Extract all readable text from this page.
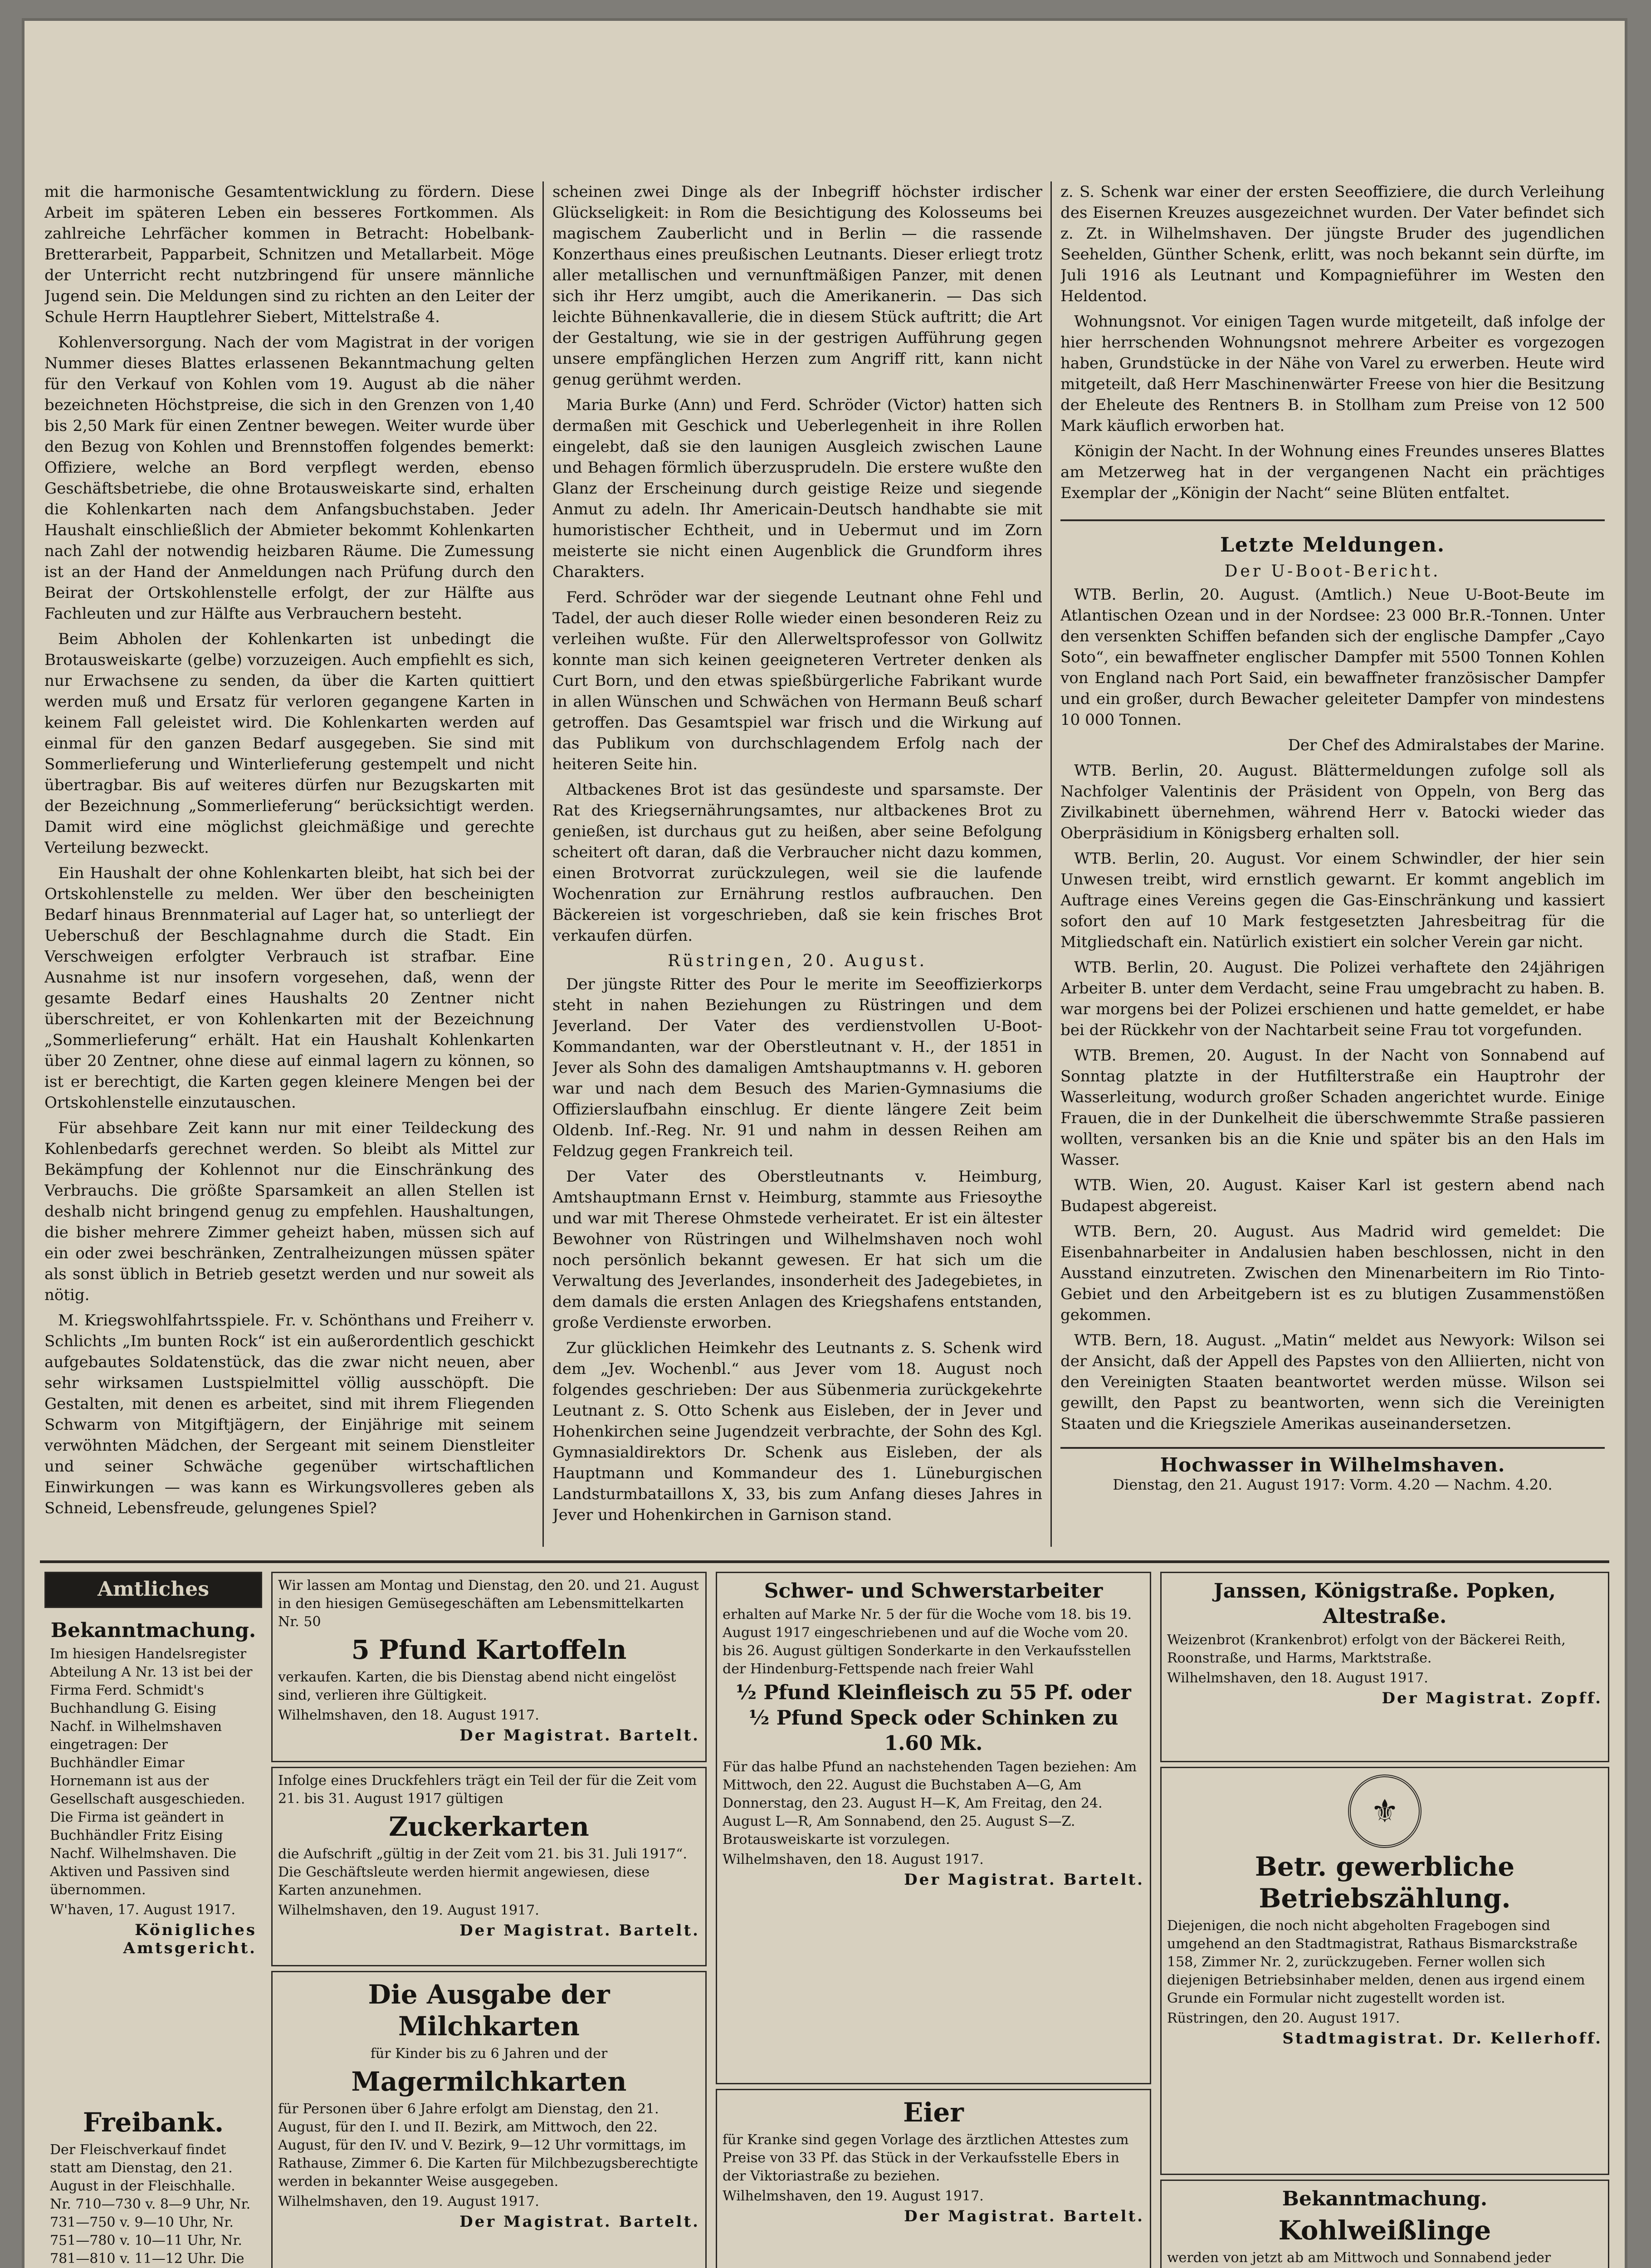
mit die harmonische Gesamtentwicklung zu fördern. Diese Arbeit im späteren Leben ein besseres Fortkommen. Als zahlreiche Lehrfächer kommen in Betracht: Hobelbank-Bretterarbeit, Papparbeit, Schnitzen und Metallarbeit. Möge der Unterricht recht nutzbringend für unsere männliche Jugend sein. Die Meldungen sind zu richten an den Leiter der Schule Herrn Hauptlehrer Siebert, Mittelstraße 4.

Kohlenversorgung. Nach der vom Magistrat in der vorigen Nummer dieses Blattes erlassenen Bekanntmachung gelten für den Verkauf von Kohlen vom 19. August ab die näher bezeichneten Höchstpreise, die sich in den Grenzen von 1,40 bis 2,50 Mark für einen Zentner bewegen. Weiter wurde über den Bezug von Kohlen und Brennstoffen folgendes bemerkt: Offiziere, welche an Bord verpflegt werden, ebenso Geschäftsbetriebe, die ohne Brotausweiskarte sind, erhalten die Kohlenkarten nach dem Anfangsbuchstaben. Jeder Haushalt einschließlich der Abmieter bekommt Kohlenkarten nach Zahl der notwendig heizbaren Räume. Die Zumessung ist an der Hand der Anmeldungen nach Prüfung durch den Beirat der Ortskohlenstelle erfolgt, der zur Hälfte aus Fachleuten und zur Hälfte aus Verbrauchern besteht.

Beim Abholen der Kohlenkarten ist unbedingt die Brotausweiskarte (gelbe) vorzuzeigen. Auch empfiehlt es sich, nur Erwachsene zu senden, da über die Karten quittiert werden muß und Ersatz für verloren gegangene Karten in keinem Fall geleistet wird. Die Kohlenkarten werden auf einmal für den ganzen Bedarf ausgegeben. Sie sind mit Sommerlieferung und Winterlieferung gestempelt und nicht übertragbar. Bis auf weiteres dürfen nur Bezugskarten mit der Bezeichnung „Sommerlieferung“ berücksichtigt werden. Damit wird eine möglichst gleichmäßige und gerechte Verteilung bezweckt.

Ein Haushalt der ohne Kohlenkarten bleibt, hat sich bei der Ortskohlenstelle zu melden. Wer über den bescheinigten Bedarf hinaus Brennmaterial auf Lager hat, so unterliegt der Ueberschuß der Beschlagnahme durch die Stadt. Ein Verschweigen erfolgter Verbrauch ist strafbar. Eine Ausnahme ist nur insofern vorgesehen, daß, wenn der gesamte Bedarf eines Haushalts 20 Zentner nicht überschreitet, er von Kohlenkarten mit der Bezeichnung „Sommerlieferung“ erhält. Hat ein Haushalt Kohlenkarten über 20 Zentner, ohne diese auf einmal lagern zu können, so ist er berechtigt, die Karten gegen kleinere Mengen bei der Ortskohlenstelle einzutauschen.

Für absehbare Zeit kann nur mit einer Teildeckung des Kohlenbedarfs gerechnet werden. So bleibt als Mittel zur Bekämpfung der Kohlennot nur die Einschränkung des Verbrauchs. Die größte Sparsamkeit an allen Stellen ist deshalb nicht bringend genug zu empfehlen. Haushaltungen, die bisher mehrere Zimmer geheizt haben, müssen sich auf ein oder zwei beschränken, Zentralheizungen müssen später als sonst üblich in Betrieb gesetzt werden und nur soweit als nötig.

M. Kriegswohlfahrtsspiele. Fr. v. Schönthans und Freiherr v. Schlichts „Im bunten Rock“ ist ein außerordentlich geschickt aufgebautes Soldatenstück, das die zwar nicht neuen, aber sehr wirksamen Lustspielmittel völlig ausschöpft. Die Gestalten, mit denen es arbeitet, sind mit ihrem Fliegenden Schwarm von Mitgiftjägern, der Einjährige mit seinem verwöhnten Mädchen, der Sergeant mit seinem Dienstleiter und seiner Schwäche gegenüber wirtschaftlichen Einwirkungen — was kann es Wirkungsvolleres geben als Schneid, Lebensfreude, gelungenes Spiel?

scheinen zwei Dinge als der Inbegriff höchster irdischer Glückseligkeit: in Rom die Besichtigung des Kolosseums bei magischem Zauberlicht und in Berlin — die rassende Konzerthaus eines preußischen Leutnants. Dieser erliegt trotz aller metallischen und vernunftmäßigen Panzer, mit denen sich ihr Herz umgibt, auch die Amerikanerin. — Das sich leichte Bühnenkavallerie, die in diesem Stück auftritt; die Art der Gestaltung, wie sie in der gestrigen Aufführung gegen unsere empfänglichen Herzen zum Angriff ritt, kann nicht genug gerühmt werden.

Maria Burke (Ann) und Ferd. Schröder (Victor) hatten sich dermaßen mit Geschick und Ueberlegenheit in ihre Rollen eingelebt, daß sie den launigen Ausgleich zwischen Laune und Behagen förmlich überzusprudeln. Die erstere wußte den Glanz der Erscheinung durch geistige Reize und siegende Anmut zu adeln. Ihr Americain-Deutsch handhabte sie mit humoristischer Echtheit, und in Uebermut und im Zorn meisterte sie nicht einen Augenblick die Grundform ihres Charakters.

Ferd. Schröder war der siegende Leutnant ohne Fehl und Tadel, der auch dieser Rolle wieder einen besonderen Reiz zu verleihen wußte. Für den Allerweltsprofessor von Gollwitz konnte man sich keinen geeigneteren Vertreter denken als Curt Born, und den etwas spießbürgerliche Fabrikant wurde in allen Wünschen und Schwächen von Hermann Beuß scharf getroffen. Das Gesamtspiel war frisch und die Wirkung auf das Publikum von durchschlagendem Erfolg nach der heiteren Seite hin.

Altbackenes Brot ist das gesündeste und sparsamste. Der Rat des Kriegsernährungsamtes, nur altbackenes Brot zu genießen, ist durchaus gut zu heißen, aber seine Befolgung scheitert oft daran, daß die Verbraucher nicht dazu kommen, einen Brotvorrat zurückzulegen, weil sie die laufende Wochenration zur Ernährung restlos aufbrauchen. Den Bäckereien ist vorgeschrieben, daß sie kein frisches Brot verkaufen dürfen.

Rüstringen, 20. August.

Der jüngste Ritter des Pour le merite im Seeoffizierkorps steht in nahen Beziehungen zu Rüstringen und dem Jeverland. Der Vater des verdienstvollen U-Boot-Kommandanten, war der Oberstleutnant v. H., der 1851 in Jever als Sohn des damaligen Amtshauptmanns v. H. geboren war und nach dem Besuch des Marien-Gymnasiums die Offizierslaufbahn einschlug. Er diente längere Zeit beim Oldenb. Inf.-Reg. Nr. 91 und nahm in dessen Reihen am Feldzug gegen Frankreich teil.

Der Vater des Oberstleutnants v. Heimburg, Amtshauptmann Ernst v. Heimburg, stammte aus Friesoythe und war mit Therese Ohmstede verheiratet. Er ist ein ältester Bewohner von Rüstringen und Wilhelmshaven noch wohl noch persönlich bekannt gewesen. Er hat sich um die Verwaltung des Jeverlandes, insonderheit des Jadegebietes, in dem damals die ersten Anlagen des Kriegshafens entstanden, große Verdienste erworben.

Zur glücklichen Heimkehr des Leutnants z. S. Schenk wird dem „Jev. Wochenbl.“ aus Jever vom 18. August noch folgendes geschrieben: Der aus Sübenmeria zurückgekehrte Leutnant z. S. Otto Schenk aus Eisleben, der in Jever und Hohenkirchen seine Jugendzeit verbrachte, der Sohn des Kgl. Gymnasialdirektors Dr. Schenk aus Eisleben, der als Hauptmann und Kommandeur des 1. Lüneburgischen Landsturmbataillons X, 33, bis zum Anfang dieses Jahres in Jever und Hohenkirchen in Garnison stand.

z. S. Schenk war einer der ersten Seeoffiziere, die durch Verleihung des Eisernen Kreuzes ausgezeichnet wurden. Der Vater befindet sich z. Zt. in Wilhelmshaven. Der jüngste Bruder des jugendlichen Seehelden, Günther Schenk, erlitt, was noch bekannt sein dürfte, im Juli 1916 als Leutnant und Kompagnieführer im Westen den Heldentod.

Wohnungsnot. Vor einigen Tagen wurde mitgeteilt, daß infolge der hier herrschenden Wohnungsnot mehrere Arbeiter es vorgezogen haben, Grundstücke in der Nähe von Varel zu erwerben. Heute wird mitgeteilt, daß Herr Maschinenwärter Freese von hier die Besitzung der Eheleute des Rentners B. in Stollham zum Preise von 12 500 Mark käuflich erworben hat.

Königin der Nacht. In der Wohnung eines Freundes unseres Blattes am Metzerweg hat in der vergangenen Nacht ein prächtiges Exemplar der „Königin der Nacht“ seine Blüten entfaltet.

Letzte Meldungen.
Der U-Boot-Bericht.

WTB. Berlin, 20. August. (Amtlich.) Neue U-Boot-Beute im Atlantischen Ozean und in der Nordsee: 23 000 Br.R.-Tonnen. Unter den versenkten Schiffen befanden sich der englische Dampfer „Cayo Soto“, ein bewaffneter englischer Dampfer mit 5500 Tonnen Kohlen von England nach Port Said, ein bewaffneter französischer Dampfer und ein großer, durch Bewacher geleiteter Dampfer von mindestens 10 000 Tonnen.

Der Chef des Admiralstabes der Marine.

WTB. Berlin, 20. August. Blättermeldungen zufolge soll als Nachfolger Valentinis der Präsident von Oppeln, von Berg das Zivilkabinett übernehmen, während Herr v. Batocki wieder das Oberpräsidium in Königsberg erhalten soll.

WTB. Berlin, 20. August. Vor einem Schwindler, der hier sein Unwesen treibt, wird ernstlich gewarnt. Er kommt angeblich im Auftrage eines Vereins gegen die Gas-Einschränkung und kassiert sofort den auf 10 Mark festgesetzten Jahresbeitrag für die Mitgliedschaft ein. Natürlich existiert ein solcher Verein gar nicht.

WTB. Berlin, 20. August. Die Polizei verhaftete den 24jährigen Arbeiter B. unter dem Verdacht, seine Frau umgebracht zu haben. B. war morgens bei der Polizei erschienen und hatte gemeldet, er habe bei der Rückkehr von der Nachtarbeit seine Frau tot vorgefunden.

WTB. Bremen, 20. August. In der Nacht von Sonnabend auf Sonntag platzte in der Hutfilterstraße ein Hauptrohr der Wasserleitung, wodurch großer Schaden angerichtet wurde. Einige Frauen, die in der Dunkelheit die überschwemmte Straße passieren wollten, versanken bis an die Knie und später bis an den Hals im Wasser.

WTB. Wien, 20. August. Kaiser Karl ist gestern abend nach Budapest abgereist.

WTB. Bern, 20. August. Aus Madrid wird gemeldet: Die Eisenbahnarbeiter in Andalusien haben beschlossen, nicht in den Ausstand einzutreten. Zwischen den Minenarbeitern im Rio Tinto-Gebiet und den Arbeitgebern ist es zu blutigen Zusammenstößen gekommen.

WTB. Bern, 18. August. „Matin“ meldet aus Newyork: Wilson sei der Ansicht, daß der Appell des Papstes von den Alliierten, nicht von den Vereinigten Staaten beantwortet werden müsse. Wilson sei gewillt, den Papst zu beantworten, wenn sich die Vereinigten Staaten und die Kriegsziele Amerikas auseinandersetzen.

Hochwasser in Wilhelmshaven.
Dienstag, den 21. August 1917: Vorm. 4.20 — Nachm. 4.20.
Amtliches
Bekanntmachung.
Im hiesigen Handelsregister Abteilung A Nr. 13 ist bei der Firma Ferd. Schmidt's Buchhandlung G. Eising Nachf. in Wilhelmshaven eingetragen: Der Buchhändler Eimar Hornemann ist aus der Gesellschaft ausgeschieden. Die Firma ist geändert in Buchhändler Fritz Eising Nachf. Wilhelmshaven. Die Aktiven und Passiven sind übernommen.
W'haven, 17. August 1917.
Königliches Amtsgericht.
Freibank.
Der Fleischverkauf findet statt am Dienstag, den 21. August in der Fleischhalle. Nr. 710—730 v. 8—9 Uhr, Nr. 731—750 v. 9—10 Uhr, Nr. 751—780 v. 10—11 Uhr, Nr. 781—810 v. 11—12 Uhr. Die
Wir lassen am Montag und Dienstag, den 20. und 21. August in den hiesigen Gemüsegeschäften am Lebensmittelkarten Nr. 50
5 Pfund Kartoffeln
verkaufen. Karten, die bis Dienstag abend nicht eingelöst sind, verlieren ihre Gültigkeit.
Wilhelmshaven, den 18. August 1917.
Der Magistrat. Bartelt.
Infolge eines Druckfehlers trägt ein Teil der für die Zeit vom 21. bis 31. August 1917 gültigen
Zuckerkarten
die Aufschrift „gültig in der Zeit vom 21. bis 31. Juli 1917“. Die Geschäftsleute werden hiermit angewiesen, diese Karten anzunehmen.
Wilhelmshaven, den 19. August 1917.
Der Magistrat. Bartelt.
Die Ausgabe der Milchkarten
für Kinder bis zu 6 Jahren und der
Magermilchkarten
für Personen über 6 Jahre erfolgt am Dienstag, den 21. August, für den I. und II. Bezirk, am Mittwoch, den 22. August, für den IV. und V. Bezirk, 9—12 Uhr vormittags, im Rathause, Zimmer 6. Die Karten für Milchbezugsberechtigte werden in bekannter Weise ausgegeben.
Wilhelmshaven, den 19. August 1917.
Der Magistrat. Bartelt.
Schwer- und Schwerstarbeiter
erhalten auf Marke Nr. 5 der für die Woche vom 18. bis 19. August 1917 eingeschriebenen und auf die Woche vom 20. bis 26. August gültigen Sonderkarte in den Verkaufsstellen der Hindenburg-Fettspende nach freier Wahl
½ Pfund Kleinfleisch zu 55 Pf. oder ½ Pfund Speck oder Schinken zu 1.60 Mk.
Für das halbe Pfund an nachstehenden Tagen beziehen: Am Mittwoch, den 22. August die Buchstaben A—G, Am Donnerstag, den 23. August H—K, Am Freitag, den 24. August L—R, Am Sonnabend, den 25. August S—Z. Brotausweiskarte ist vorzulegen.
Wilhelmshaven, den 18. August 1917.
Der Magistrat. Bartelt.
Eier
für Kranke sind gegen Vorlage des ärztlichen Attestes zum Preise von 33 Pf. das Stück in der Verkaufsstelle Ebers in der Viktoriastraße zu beziehen.
Wilhelmshaven, den 19. August 1917.
Der Magistrat. Bartelt.
Janssen, Königstraße. Popken, Altestraße.
Weizenbrot (Krankenbrot) erfolgt von der Bäckerei Reith, Roonstraße, und Harms, Marktstraße.
Wilhelmshaven, den 18. August 1917.
Der Magistrat. Zopff.
⚜
Betr. gewerbliche Betriebszählung.
Diejenigen, die noch nicht abgeholten Fragebogen sind umgehend an den Stadtmagistrat, Rathaus Bismarckstraße 158, Zimmer Nr. 2, zurückzugeben. Ferner wollen sich diejenigen Betriebsinhaber melden, denen aus irgend einem Grunde ein Formular nicht zugestellt worden ist.
Rüstringen, den 20. August 1917.
Stadtmagistrat. Dr. Kellerhoff.
Bekanntmachung.
Kohlweißlinge
werden von jetzt ab am Mittwoch und Sonnabend jeder
